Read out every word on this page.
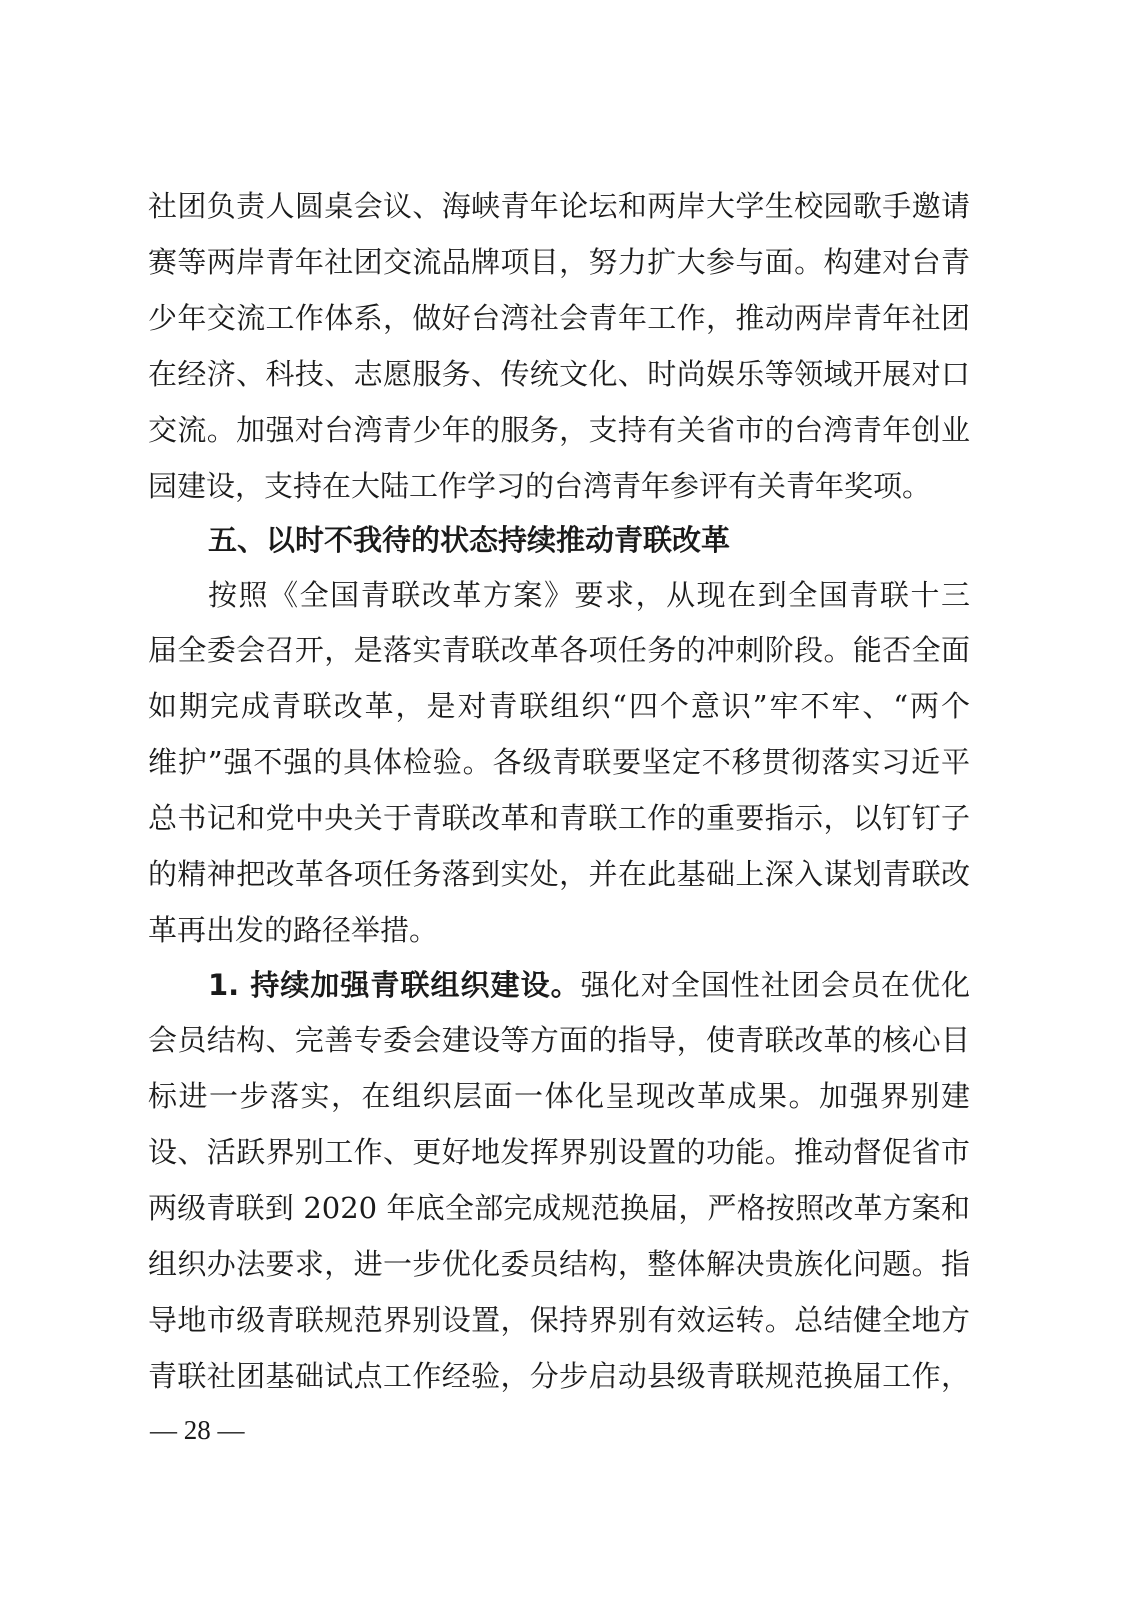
社团负责人圆桌会议、海峡青年论坛和两岸大学生校园歌手邀请
赛等两岸青年社团交流品牌项目，努力扩大参与面。构建对台青
少年交流工作体系，做好台湾社会青年工作，推动两岸青年社团
在经济、科技、志愿服务、传统文化、时尚娱乐等领域开展对口
交流。加强对台湾青少年的服务，支持有关省市的台湾青年创业
园建设，支持在大陆工作学习的台湾青年参评有关青年奖项。
五、以时不我待的状态持续推动青联改革
按照《全国青联改革方案》要求，从现在到全国青联十三
届全委会召开，是落实青联改革各项任务的冲刺阶段。能否全面
如期完成青联改革，是对青联组织“四个意识”牢不牢、“两个
维护”强不强的具体检验。各级青联要坚定不移贯彻落实习近平
总书记和党中央关于青联改革和青联工作的重要指示，以钉钉子
的精神把改革各项任务落到实处，并在此基础上深入谋划青联改
革再出发的路径举措。
1. 持续加强青联组织建设。强化对全国性社团会员在优化
会员结构、完善专委会建设等方面的指导，使青联改革的核心目
标进一步落实，在组织层面一体化呈现改革成果。加强界别建
设、活跃界别工作、更好地发挥界别设置的功能。推动督促省市
两级青联到 2020 年底全部完成规范换届，严格按照改革方案和
组织办法要求，进一步优化委员结构，整体解决贵族化问题。指
导地市级青联规范界别设置，保持界别有效运转。总结健全地方
青联社团基础试点工作经验，分步启动县级青联规范换届工作，
— 28 —
